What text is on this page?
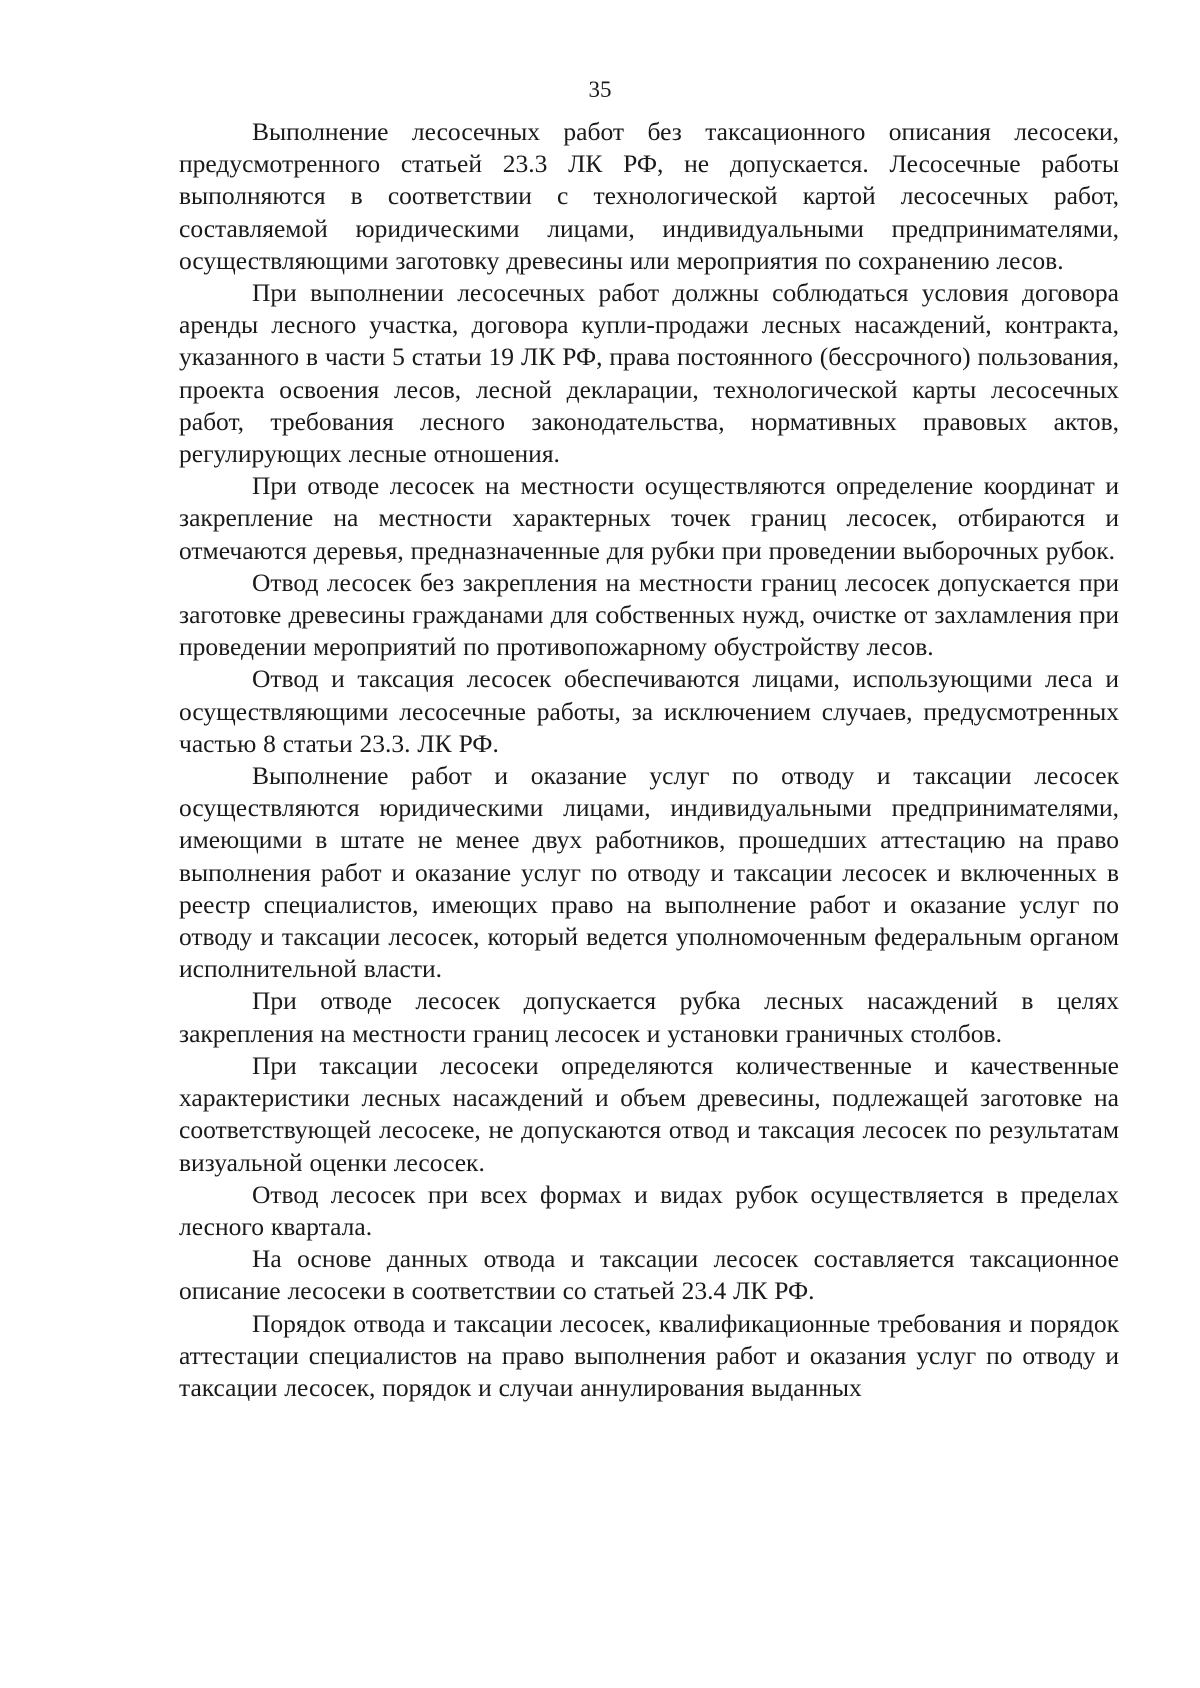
35

Выполнение лесосечных работ без таксационного описания лесосеки, предусмотренного статьей 23.3 ЛК РФ, не допускается. Лесосечные работы выполняются в соответствии с технологической картой лесосечных работ, составляемой юридическими лицами, индивидуальными предпринимателями, осуществляющими заготовку древесины или мероприятия по сохранению лесов.

При выполнении лесосечных работ должны соблюдаться условия договора аренды лесного участка, договора купли-продажи лесных насаждений, контракта, указанного в части 5 статьи 19 ЛК РФ, права постоянного (бессрочного) пользования, проекта освоения лесов, лесной декларации, технологической карты лесосечных работ, требования лесного законодательства, нормативных правовых актов, регулирующих лесные отношения.

При отводе лесосек на местности осуществляются определение координат и закрепление на местности характерных точек границ лесосек, отбираются и отмечаются деревья, предназначенные для рубки при проведении выборочных рубок.

Отвод лесосек без закрепления на местности границ лесосек допускается при заготовке древесины гражданами для собственных нужд, очистке от захламления при проведении мероприятий по противопожарному обустройству лесов.

Отвод и таксация лесосек обеспечиваются лицами, использующими леса и осуществляющими лесосечные работы, за исключением случаев, предусмотренных частью 8 статьи 23.3. ЛК РФ.

Выполнение работ и оказание услуг по отводу и таксации лесосек осуществляются юридическими лицами, индивидуальными предпринимателями, имеющими в штате не менее двух работников, прошедших аттестацию на право выполнения работ и оказание услуг по отводу и таксации лесосек и включенных в реестр специалистов, имеющих право на выполнение работ и оказание услуг по отводу и таксации лесосек, который ведется уполномоченным федеральным органом исполнительной власти.

При отводе лесосек допускается рубка лесных насаждений в целях закрепления на местности границ лесосек и установки граничных столбов.

При таксации лесосеки определяются количественные и качественные характеристики лесных насаждений и объем древесины, подлежащей заготовке на соответствующей лесосеке, не допускаются отвод и таксация лесосек по результатам визуальной оценки лесосек.

Отвод лесосек при всех формах и видах рубок осуществляется в пределах лесного квартала.

На основе данных отвода и таксации лесосек составляется таксационное описание лесосеки в соответствии со статьей 23.4 ЛК РФ.

Порядок отвода и таксации лесосек, квалификационные требования и порядок аттестации специалистов на право выполнения работ и оказания услуг по отводу и таксации лесосек, порядок и случаи аннулирования выданных
